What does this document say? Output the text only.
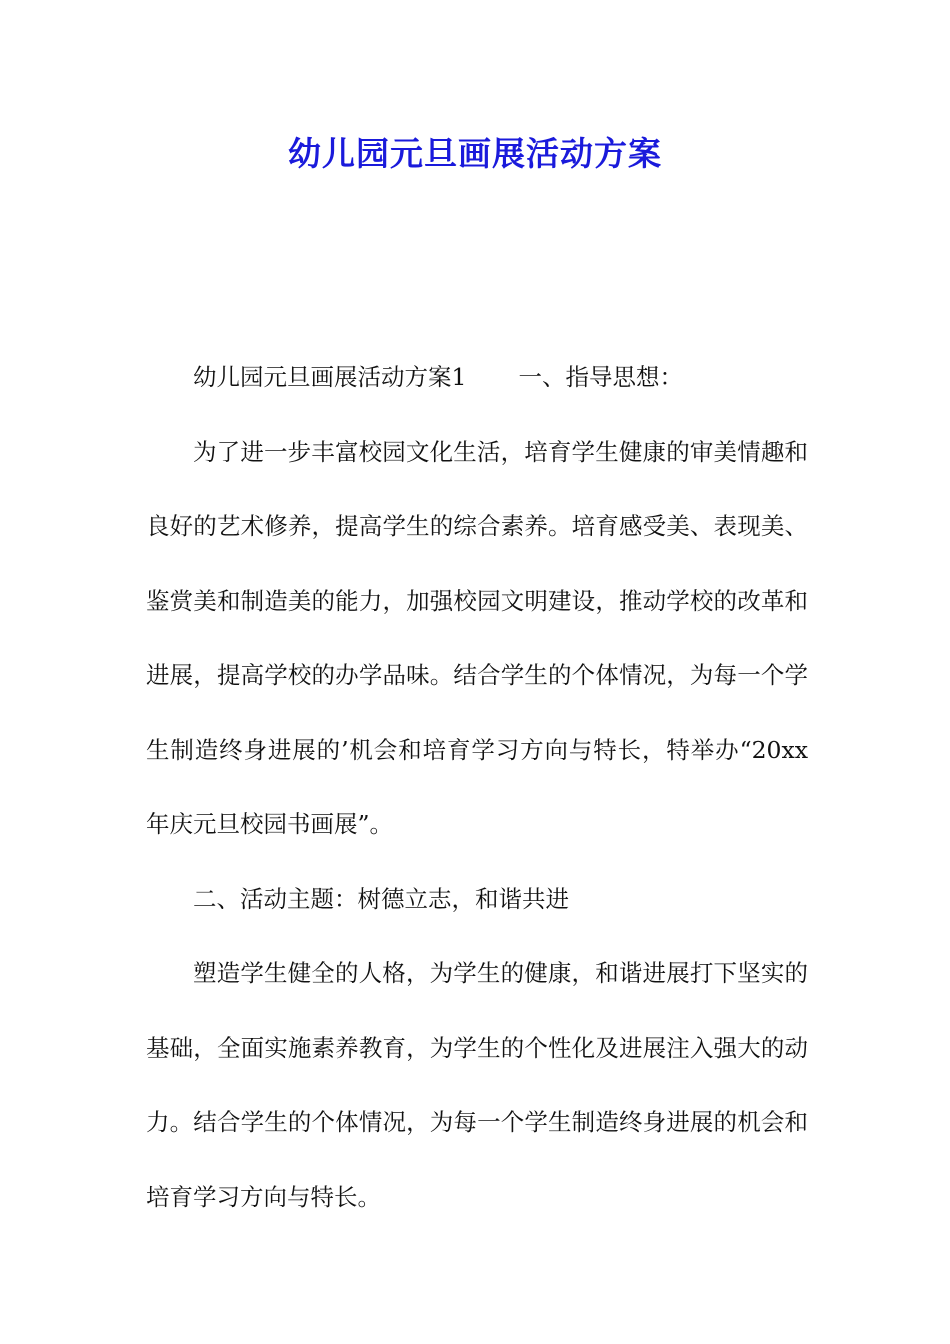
幼儿园元旦画展活动方案

幼儿园元旦画展活动方案1 一、指导思想：

为了进一步丰富校园文化生活，培育学生健康的审美情趣和良好的艺术修养，提高学生的综合素养。培育感受美、表现美、鉴赏美和制造美的能力，加强校园文明建设，推动学校的改革和进展，提高学校的办学品味。结合学生的个体情况，为每一个学生制造终身进展的’机会和培育学习方向与特长，特举办“20xx年庆元旦校园书画展”。

二、活动主题：树德立志，和谐共进

塑造学生健全的人格，为学生的健康，和谐进展打下坚实的基础，全面实施素养教育，为学生的个性化及进展注入强大的动力。结合学生的个体情况，为每一个学生制造终身进展的机会和培育学习方向与特长。
